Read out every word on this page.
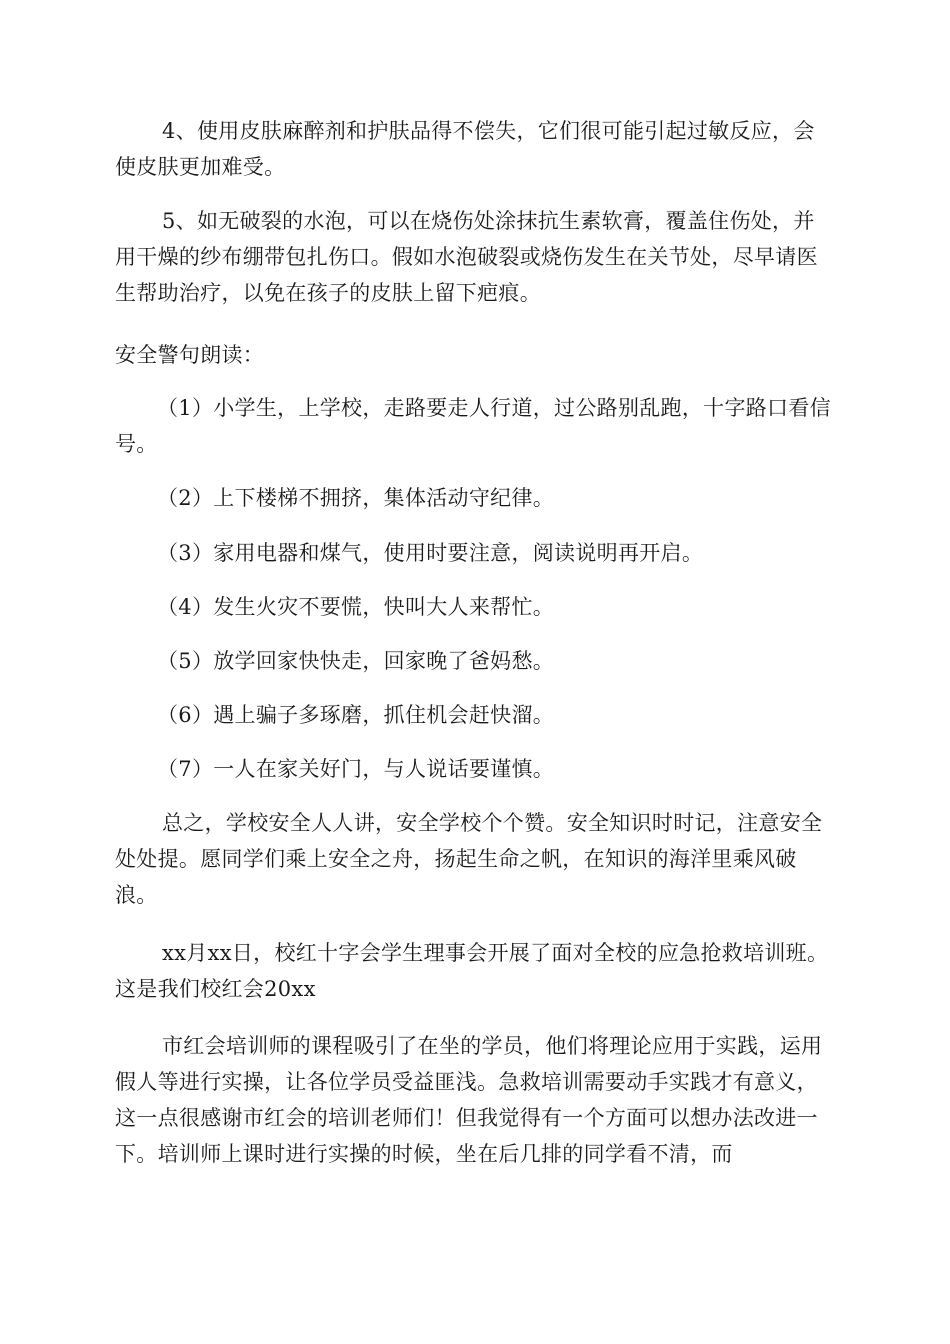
4、使用皮肤麻醉剂和护肤品得不偿失，它们很可能引起过敏反应，会使皮肤更加难受。

5、如无破裂的水泡，可以在烧伤处涂抹抗生素软膏，覆盖住伤处，并用干燥的纱布绷带包扎伤口。假如水泡破裂或烧伤发生在关节处，尽早请医生帮助治疗，以免在孩子的皮肤上留下疤痕。

安全警句朗读：

（1）小学生，上学校，走路要走人行道，过公路别乱跑，十字路口看信号。

（2）上下楼梯不拥挤，集体活动守纪律。

（3）家用电器和煤气，使用时要注意，阅读说明再开启。

（4）发生火灾不要慌，快叫大人来帮忙。

（5）放学回家快快走，回家晚了爸妈愁。

（6）遇上骗子多琢磨，抓住机会赶快溜。

（7）一人在家关好门，与人说话要谨慎。

总之，学校安全人人讲，安全学校个个赞。安全知识时时记，注意安全处处提。愿同学们乘上安全之舟，扬起生命之帆，在知识的海洋里乘风破浪。

xx月xx日，校红十字会学生理事会开展了面对全校的应急抢救培训班。这是我们校红会20xx

市红会培训师的课程吸引了在坐的学员，他们将理论应用于实践，运用假人等进行实操，让各位学员受益匪浅。急救培训需要动手实践才有意义，这一点很感谢市红会的培训老师们！但我觉得有一个方面可以想办法改进一下。培训师上课时进行实操的时候，坐在后几排的同学看不清，而
